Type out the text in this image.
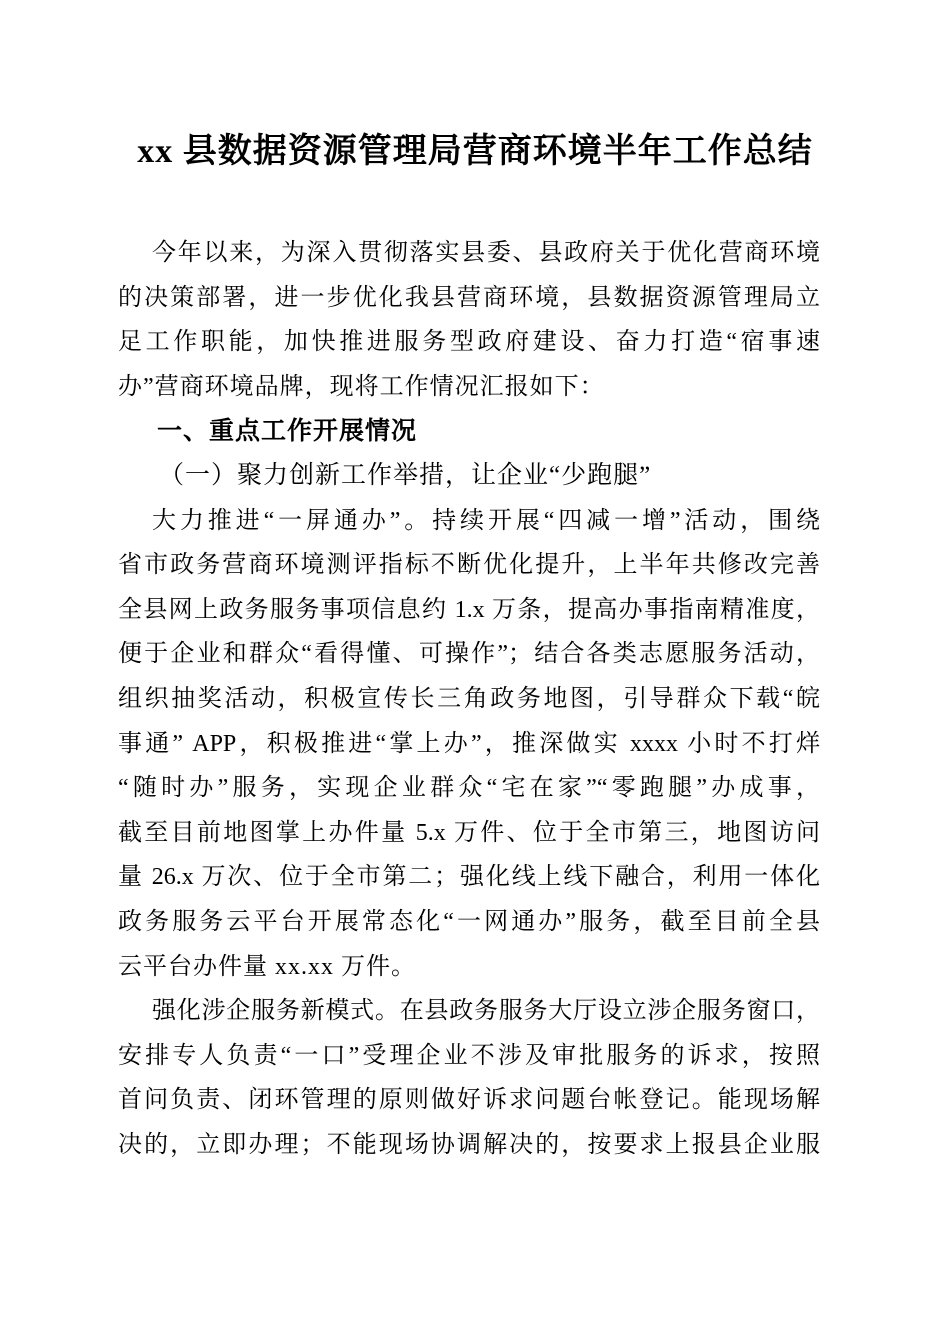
xx 县数据资源管理局营商环境半年工作总结
今年以来，为深入贯彻落实县委、县政府关于优化营商环境
的决策部署，进一步优化我县营商环境，县数据资源管理局立
足工作职能，加快推进服务型政府建设、奋力打造“宿事速
办”营商环境品牌，现将工作情况汇报如下：
一、重点工作开展情况
（一）聚力创新工作举措，让企业“少跑腿”
大力推进“一屏通办”。持续开展“四减一增”活动，围绕
省市政务营商环境测评指标不断优化提升，上半年共修改完善
全县网上政务服务事项信息约 1.x 万条，提高办事指南精准度，
便于企业和群众“看得懂、可操作”；结合各类志愿服务活动，
组织抽奖活动，积极宣传长三角政务地图，引导群众下载“皖
事通” APP，积极推进“掌上办”，推深做实 xxxx 小时不打烊
“随时办”服务，实现企业群众“宅在家”“零跑腿”办成事，
截至目前地图掌上办件量 5.x 万件、位于全市第三，地图访问
量 26.x 万次、位于全市第二；强化线上线下融合，利用一体化
政务服务云平台开展常态化“一网通办”服务，截至目前全县
云平台办件量 xx.xx 万件。
强化涉企服务新模式。在县政务服务大厅设立涉企服务窗口，
安排专人负责“一口”受理企业不涉及审批服务的诉求，按照
首问负责、闭环管理的原则做好诉求问题台帐登记。能现场解
决的，立即办理；不能现场协调解决的，按要求上报县企业服
